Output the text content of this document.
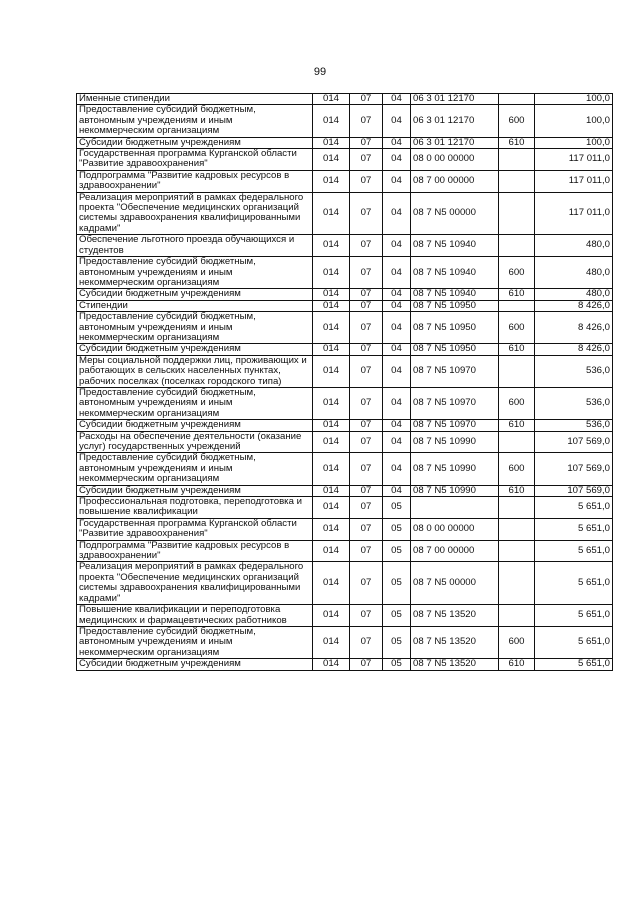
99
Именные стипендии	014	07	04	06 3 01 12170		100,0
Предоставление субсидий бюджетным, автономным учреждениям и иным некоммерческим организациям	014	07	04	06 3 01 12170	600	100,0
Субсидии бюджетным учреждениям	014	07	04	06 3 01 12170	610	100,0
Государственная программа Курганской области "Развитие здравоохранения"	014	07	04	08 0 00 00000		117 011,0
Подпрограмма "Развитие кадровых ресурсов в здравоохранении"	014	07	04	08 7 00 00000		117 011,0
Реализация мероприятий в рамках федерального проекта "Обеспечение медицинских организаций системы здравоохранения квалифицированными кадрами"	014	07	04	08 7 N5 00000		117 011,0
Обеспечение льготного проезда обучающихся и студентов	014	07	04	08 7 N5 10940		480,0
Предоставление субсидий бюджетным, автономным учреждениям и иным некоммерческим организациям	014	07	04	08 7 N5 10940	600	480,0
Субсидии бюджетным учреждениям	014	07	04	08 7 N5 10940	610	480,0
Стипендии	014	07	04	08 7 N5 10950		8 426,0
Предоставление субсидий бюджетным, автономным учреждениям и иным некоммерческим организациям	014	07	04	08 7 N5 10950	600	8 426,0
Субсидии бюджетным учреждениям	014	07	04	08 7 N5 10950	610	8 426,0
Меры социальной поддержки лиц, проживающих и работающих в сельских населенных пунктах, рабочих поселках (поселках городского типа)	014	07	04	08 7 N5 10970		536,0
Предоставление субсидий бюджетным, автономным учреждениям и иным некоммерческим организациям	014	07	04	08 7 N5 10970	600	536,0
Субсидии бюджетным учреждениям	014	07	04	08 7 N5 10970	610	536,0
Расходы на обеспечение деятельности (оказание услуг) государственных учреждений	014	07	04	08 7 N5 10990		107 569,0
Предоставление субсидий бюджетным, автономным учреждениям и иным некоммерческим организациям	014	07	04	08 7 N5 10990	600	107 569,0
Субсидии бюджетным учреждениям	014	07	04	08 7 N5 10990	610	107 569,0
Профессиональная подготовка, переподготовка и повышение квалификации	014	07	05			5 651,0
Государственная программа Курганской области "Развитие здравоохранения"	014	07	05	08 0 00 00000		5 651,0
Подпрограмма "Развитие кадровых ресурсов в здравоохранении"	014	07	05	08 7 00 00000		5 651,0
Реализация мероприятий в рамках федерального проекта "Обеспечение медицинских организаций системы здравоохранения квалифицированными кадрами"	014	07	05	08 7 N5 00000		5 651,0
Повышение квалификации и переподготовка медицинских и фармацевтических работников	014	07	05	08 7 N5 13520		5 651,0
Предоставление субсидий бюджетным, автономным учреждениям и иным некоммерческим организациям	014	07	05	08 7 N5 13520	600	5 651,0
Субсидии бюджетным учреждениям	014	07	05	08 7 N5 13520	610	5 651,0
